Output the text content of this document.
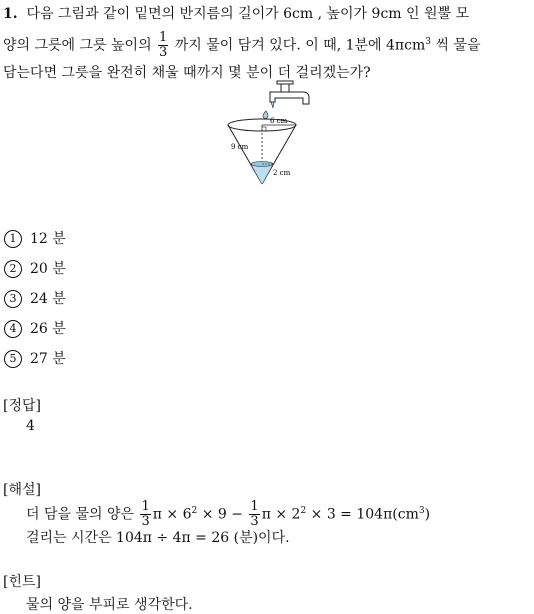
1. 다음 그림과 같이 밑면의 반지름의 길이가 6cm , 높이가 9cm 인 원뿔 모
양의 그릇에 그릇 높이의 $\frac{1}{3}$ 까지 물이 담겨 있다. 이 때, 1분에 4πcm$^3$ 씩 물을
담는다면 그릇을 완전히 채울 때까지 몇 분이 더 걸리겠는가?
6 cm
9 cm
2 cm
1 12 분
2 20 분
3 24 분
4 26 분
5 27 분
[정답]
4
[해설]
더 담을 물의 양은 $\frac{1}{3}$ $\pi \times 6^2 \times 9 - \frac{1}{3}$ $\pi \times 2^2 \times 3 = 104\pi(cm^3)$
걸리는 시간은 104π ÷ 4π = 26 (분)이다.
[힌트]
물의 양을 부피로 생각한다.
